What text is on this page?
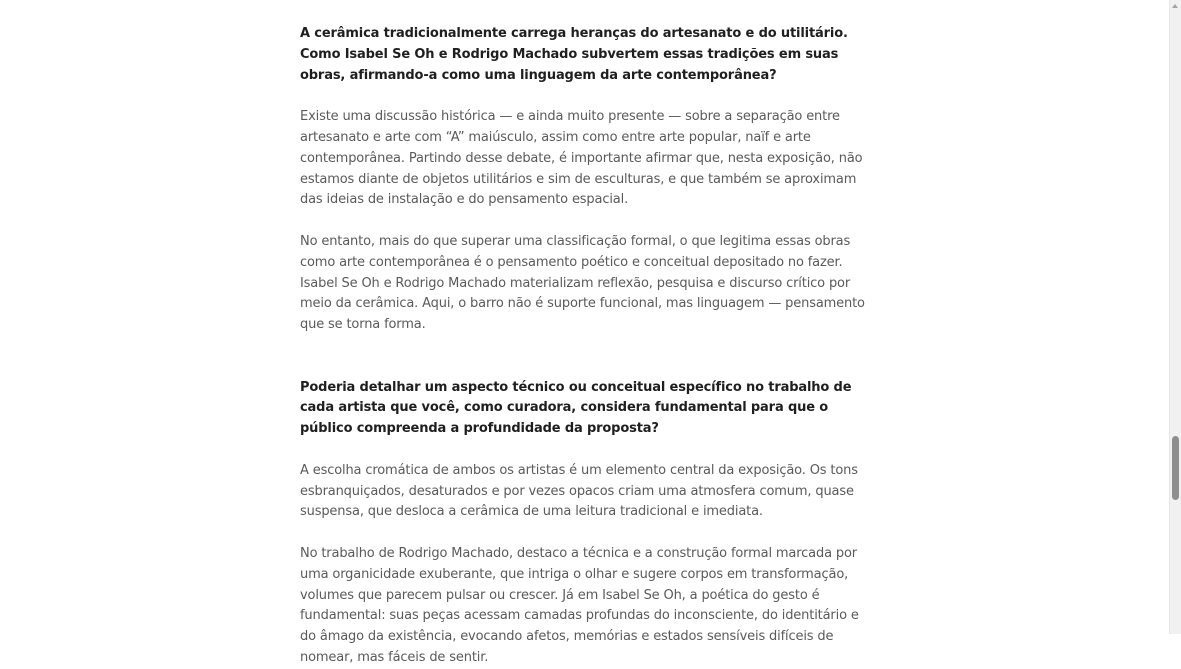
A cerâmica tradicionalmente carrega heranças do artesanato e do utilitário. Como Isabel Se Oh e Rodrigo Machado subvertem essas tradições em suas obras, afirmando-a como uma linguagem da arte contemporânea?

Existe uma discussão histórica — e ainda muito presente — sobre a separação entre artesanato e arte com “A” maiúsculo, assim como entre arte popular, naïf e arte contemporânea. Partindo desse debate, é importante afirmar que, nesta exposição, não estamos diante de objetos utilitários e sim de esculturas, e que também se aproximam das ideias de instalação e do pensamento espacial.

No entanto, mais do que superar uma classificação formal, o que legitima essas obras como arte contemporânea é o pensamento poético e conceitual depositado no fazer. Isabel Se Oh e Rodrigo Machado materializam reflexão, pesquisa e discurso crítico por meio da cerâmica. Aqui, o barro não é suporte funcional, mas linguagem — pensamento que se torna forma.

Poderia detalhar um aspecto técnico ou conceitual específico no trabalho de cada artista que você, como curadora, considera fundamental para que o público compreenda a profundidade da proposta?

A escolha cromática de ambos os artistas é um elemento central da exposição. Os tons esbranquiçados, desaturados e por vezes opacos criam uma atmosfera comum, quase suspensa, que desloca a cerâmica de uma leitura tradicional e imediata.

No trabalho de Rodrigo Machado, destaco a técnica e a construção formal marcada por uma organicidade exuberante, que intriga o olhar e sugere corpos em transformação, volumes que parecem pulsar ou crescer. Já em Isabel Se Oh, a poética do gesto é fundamental: suas peças acessam camadas profundas do inconsciente, do identitário e do âmago da existência, evocando afetos, memórias e estados sensíveis difíceis de nomear, mas fáceis de sentir.
